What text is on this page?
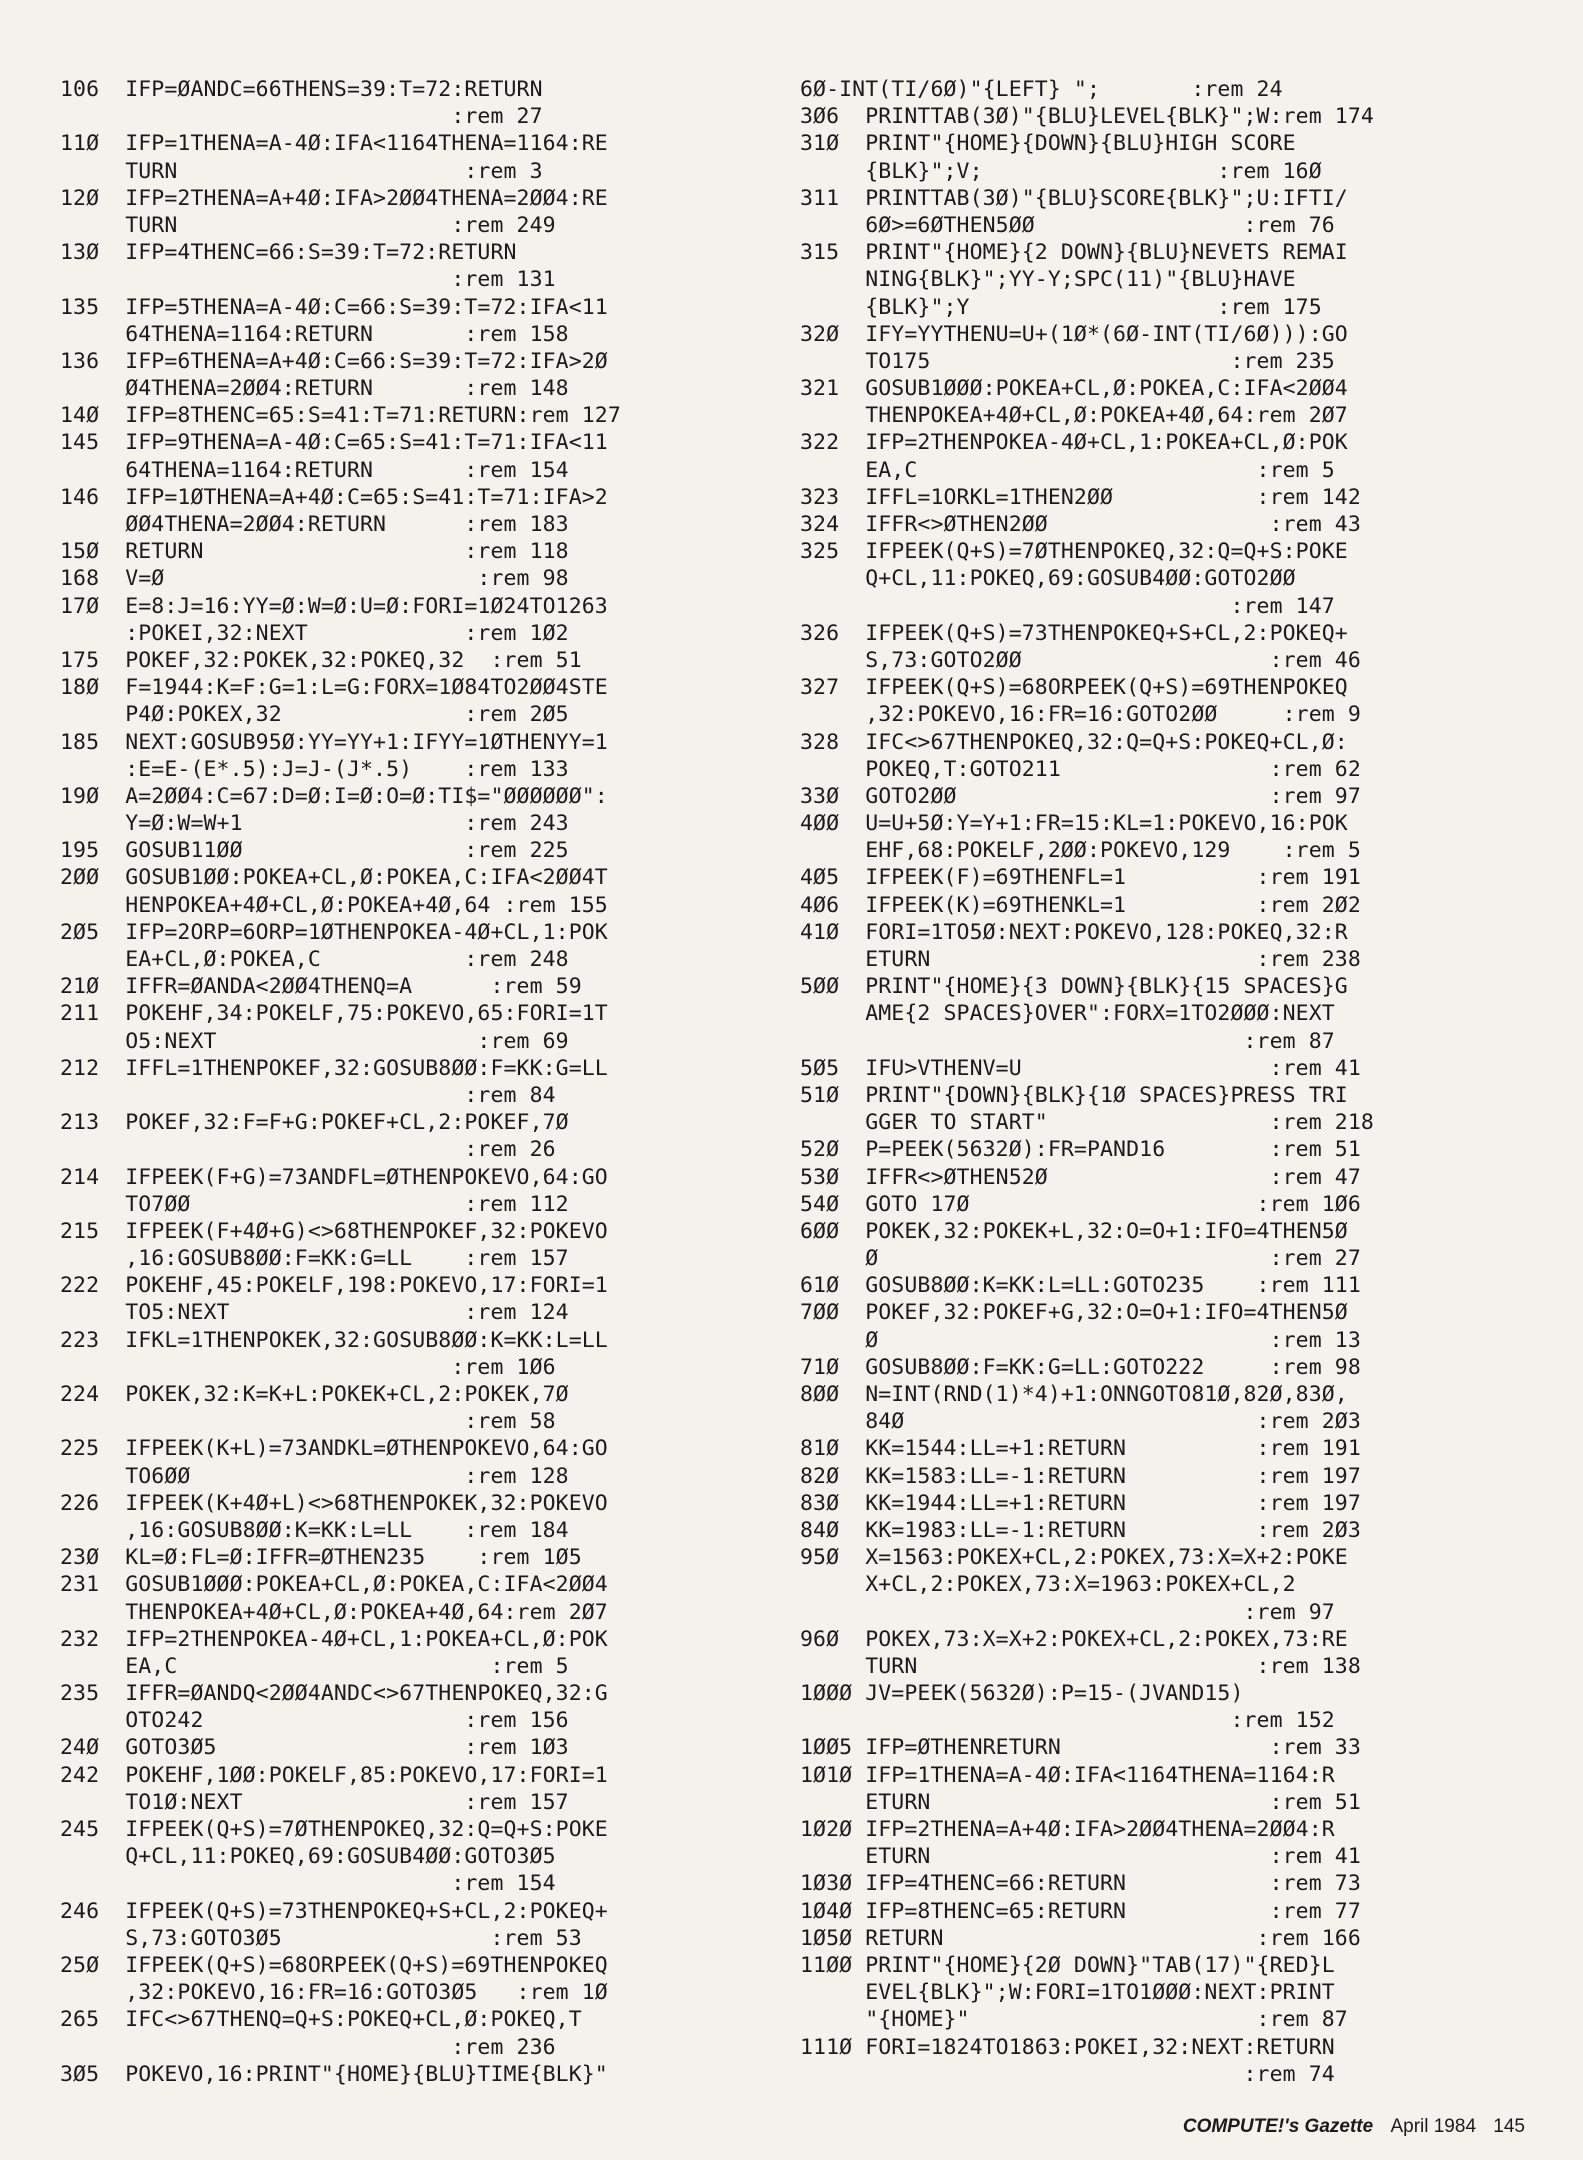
106  IFP=ØANDC=66THENS=39:T=72:RETURN
:rem 27
11Ø  IFP=1THENA=A-4Ø:IFA<1164THENA=1164:RE
TURN                      :rem 3
12Ø  IFP=2THENA=A+4Ø:IFA>2ØØ4THENA=2ØØ4:RE
TURN                     :rem 249
13Ø  IFP=4THENC=66:S=39:T=72:RETURN
:rem 131
135  IFP=5THENA=A-4Ø:C=66:S=39:T=72:IFA<11
64THENA=1164:RETURN       :rem 158
136  IFP=6THENA=A+4Ø:C=66:S=39:T=72:IFA>2Ø
Ø4THENA=2ØØ4:RETURN       :rem 148
14Ø  IFP=8THENC=65:S=41:T=71:RETURN:rem 127
145  IFP=9THENA=A-4Ø:C=65:S=41:T=71:IFA<11
64THENA=1164:RETURN       :rem 154
146  IFP=1ØTHENA=A+4Ø:C=65:S=41:T=71:IFA>2
ØØ4THENA=2ØØ4:RETURN      :rem 183
15Ø  RETURN                    :rem 118
168  V=Ø                        :rem 98
17Ø  E=8:J=16:YY=Ø:W=Ø:U=Ø:FORI=1Ø24TO1263
:POKEI,32:NEXT            :rem 1Ø2
175  POKEF,32:POKEK,32:POKEQ,32  :rem 51
18Ø  F=1944:K=F:G=1:L=G:FORX=1Ø84TO2ØØ4STE
P4Ø:POKEX,32              :rem 2Ø5
185  NEXT:GOSUB95Ø:YY=YY+1:IFYY=1ØTHENYY=1
:E=E-(E*.5):J=J-(J*.5)    :rem 133
19Ø  A=2ØØ4:C=67:D=Ø:I=Ø:O=Ø:TI$="ØØØØØØ":
Y=Ø:W=W+1                 :rem 243
195  GOSUB11ØØ                 :rem 225
2ØØ  GOSUB1ØØ:POKEA+CL,Ø:POKEA,C:IFA<2ØØ4T
HENPOKEA+4Ø+CL,Ø:POKEA+4Ø,64 :rem 155
2Ø5  IFP=2ORP=6ORP=1ØTHENPOKEA-4Ø+CL,1:POK
EA+CL,Ø:POKEA,C           :rem 248
21Ø  IFFR=ØANDA<2ØØ4THENQ=A      :rem 59
211  POKEHF,34:POKELF,75:POKEVO,65:FORI=1T
O5:NEXT                    :rem 69
212  IFFL=1THENPOKEF,32:GOSUB8ØØ:F=KK:G=LL
:rem 84
213  POKEF,32:F=F+G:POKEF+CL,2:POKEF,7Ø
:rem 26
214  IFPEEK(F+G)=73ANDFL=ØTHENPOKEVO,64:GO
TO7ØØ                     :rem 112
215  IFPEEK(F+4Ø+G)<>68THENPOKEF,32:POKEVO
,16:GOSUB8ØØ:F=KK:G=LL    :rem 157
222  POKEHF,45:POKELF,198:POKEVO,17:FORI=1
TO5:NEXT                  :rem 124
223  IFKL=1THENPOKEK,32:GOSUB8ØØ:K=KK:L=LL
:rem 1Ø6
224  POKEK,32:K=K+L:POKEK+CL,2:POKEK,7Ø
:rem 58
225  IFPEEK(K+L)=73ANDKL=ØTHENPOKEVO,64:GO
TO6ØØ                     :rem 128
226  IFPEEK(K+4Ø+L)<>68THENPOKEK,32:POKEVO
,16:GOSUB8ØØ:K=KK:L=LL    :rem 184
23Ø  KL=Ø:FL=Ø:IFFR=ØTHEN235    :rem 1Ø5
231  GOSUB1ØØØ:POKEA+CL,Ø:POKEA,C:IFA<2ØØ4
THENPOKEA+4Ø+CL,Ø:POKEA+4Ø,64:rem 2Ø7
232  IFP=2THENPOKEA-4Ø+CL,1:POKEA+CL,Ø:POK
EA,C                        :rem 5
235  IFFR=ØANDQ<2ØØ4ANDC<>67THENPOKEQ,32:G
OTO242                    :rem 156
24Ø  GOTO3Ø5                   :rem 1Ø3
242  POKEHF,1ØØ:POKELF,85:POKEVO,17:FORI=1
TO1Ø:NEXT                 :rem 157
245  IFPEEK(Q+S)=7ØTHENPOKEQ,32:Q=Q+S:POKE
Q+CL,11:POKEQ,69:GOSUB4ØØ:GOTO3Ø5
:rem 154
246  IFPEEK(Q+S)=73THENPOKEQ+S+CL,2:POKEQ+
S,73:GOTO3Ø5                :rem 53
25Ø  IFPEEK(Q+S)=68ORPEEK(Q+S)=69THENPOKEQ
,32:POKEVO,16:FR=16:GOTO3Ø5   :rem 1Ø
265  IFC<>67THENQ=Q+S:POKEQ+CL,Ø:POKEQ,T
:rem 236
3Ø5  POKEVO,16:PRINT"{HOME}{BLU}TIME{BLK}"
6Ø-INT(TI/6Ø)"{LEFT} ";       :rem 24
3Ø6  PRINTTAB(3Ø)"{BLU}LEVEL{BLK}";W:rem 174
31Ø  PRINT"{HOME}{DOWN}{BLU}HIGH SCORE
{BLK}";V;                  :rem 16Ø
311  PRINTTAB(3Ø)"{BLU}SCORE{BLK}";U:IFTI/
6Ø>=6ØTHEN5ØØ                :rem 76
315  PRINT"{HOME}{2 DOWN}{BLU}NEVETS REMAI
NING{BLK}";YY-Y;SPC(11)"{BLU}HAVE
{BLK}";Y                   :rem 175
32Ø  IFY=YYTHENU=U+(1Ø*(6Ø-INT(TI/6Ø))):GO
TO175                       :rem 235
321  GOSUB1ØØØ:POKEA+CL,Ø:POKEA,C:IFA<2ØØ4
THENPOKEA+4Ø+CL,Ø:POKEA+4Ø,64:rem 2Ø7
322  IFP=2THENPOKEA-4Ø+CL,1:POKEA+CL,Ø:POK
EA,C                          :rem 5
323  IFFL=1ORKL=1THEN2ØØ           :rem 142
324  IFFR<>ØTHEN2ØØ                 :rem 43
325  IFPEEK(Q+S)=7ØTHENPOKEQ,32:Q=Q+S:POKE
Q+CL,11:POKEQ,69:GOSUB4ØØ:GOTO2ØØ
:rem 147
326  IFPEEK(Q+S)=73THENPOKEQ+S+CL,2:POKEQ+
S,73:GOTO2ØØ                   :rem 46
327  IFPEEK(Q+S)=68ORPEEK(Q+S)=69THENPOKEQ
,32:POKEVO,16:FR=16:GOTO2ØØ     :rem 9
328  IFC<>67THENPOKEQ,32:Q=Q+S:POKEQ+CL,Ø:
POKEQ,T:GOTO211                :rem 62
33Ø  GOTO2ØØ                        :rem 97
4ØØ  U=U+5Ø:Y=Y+1:FR=15:KL=1:POKEVO,16:POK
EHF,68:POKELF,2ØØ:POKEVO,129    :rem 5
4Ø5  IFPEEK(F)=69THENFL=1          :rem 191
4Ø6  IFPEEK(K)=69THENKL=1          :rem 2Ø2
41Ø  FORI=1TO5Ø:NEXT:POKEVO,128:POKEQ,32:R
ETURN                         :rem 238
5ØØ  PRINT"{HOME}{3 DOWN}{BLK}{15 SPACES}G
AME{2 SPACES}OVER":FORX=1TO2ØØØ:NEXT
:rem 87
5Ø5  IFU>VTHENV=U                   :rem 41
51Ø  PRINT"{DOWN}{BLK}{1Ø SPACES}PRESS TRI
GGER TO START"                 :rem 218
52Ø  P=PEEK(5632Ø):FR=PAND16        :rem 51
53Ø  IFFR<>ØTHEN52Ø                 :rem 47
54Ø  GOTO 17Ø                      :rem 1Ø6
6ØØ  POKEK,32:POKEK+L,32:O=O+1:IFO=4THEN5Ø
Ø                              :rem 27
61Ø  GOSUB8ØØ:K=KK:L=LL:GOTO235    :rem 111
7ØØ  POKEF,32:POKEF+G,32:O=O+1:IFO=4THEN5Ø
Ø                              :rem 13
71Ø  GOSUB8ØØ:F=KK:G=LL:GOTO222     :rem 98
8ØØ  N=INT(RND(1)*4)+1:ONNGOTO81Ø,82Ø,83Ø,
84Ø                           :rem 2Ø3
81Ø  KK=1544:LL=+1:RETURN          :rem 191
82Ø  KK=1583:LL=-1:RETURN          :rem 197
83Ø  KK=1944:LL=+1:RETURN          :rem 197
84Ø  KK=1983:LL=-1:RETURN          :rem 2Ø3
95Ø  X=1563:POKEX+CL,2:POKEX,73:X=X+2:POKE
X+CL,2:POKEX,73:X=1963:POKEX+CL,2
:rem 97
96Ø  POKEX,73:X=X+2:POKEX+CL,2:POKEX,73:RE
TURN                          :rem 138
1ØØØ JV=PEEK(5632Ø):P=15-(JVAND15)
:rem 152
1ØØ5 IFP=ØTHENRETURN                :rem 33
1Ø1Ø IFP=1THENA=A-4Ø:IFA<1164THENA=1164:R
ETURN                          :rem 51
1Ø2Ø IFP=2THENA=A+4Ø:IFA>2ØØ4THENA=2ØØ4:R
ETURN                          :rem 41
1Ø3Ø IFP=4THENC=66:RETURN           :rem 73
1Ø4Ø IFP=8THENC=65:RETURN           :rem 77
1Ø5Ø RETURN                        :rem 166
11ØØ PRINT"{HOME}{2Ø DOWN}"TAB(17)"{RED}L
EVEL{BLK}";W:FORI=1TO1ØØØ:NEXT:PRINT
"{HOME}"                      :rem 87
111Ø FORI=1824TO1863:POKEI,32:NEXT:RETURN
:rem 74
COMPUTE!'s Gazette April 1984 145
